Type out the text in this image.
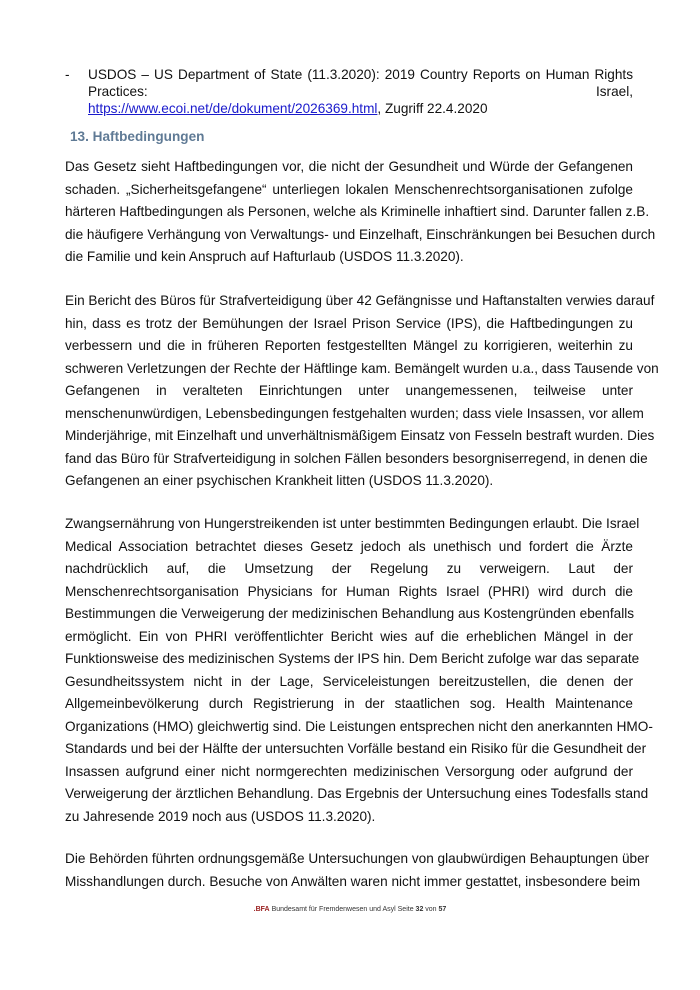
- USDOS – US Department of State (11.3.2020): 2019 Country Reports on Human Rights
Practices:	Israel,
https://www.ecoi.net/de/dokument/2026369.html, Zugriff 22.4.2020
13. Haftbedingungen
Das Gesetz sieht Haftbedingungen vor, die nicht der Gesundheit und Würde der Gefangenen
schaden. „Sicherheitsgefangene“ unterliegen lokalen Menschenrechtsorganisationen zufolge
härteren Haftbedingungen als Personen, welche als Kriminelle inhaftiert sind. Darunter fallen z.B.
die häufigere Verhängung von Verwaltungs- und Einzelhaft, Einschränkungen bei Besuchen durch
die Familie und kein Anspruch auf Hafturlaub (USDOS 11.3.2020).
Ein Bericht des Büros für Strafverteidigung über 42 Gefängnisse und Haftanstalten verwies darauf
hin, dass es trotz der Bemühungen der Israel Prison Service (IPS), die Haftbedingungen zu
verbessern und die in früheren Reporten festgestellten Mängel zu korrigieren, weiterhin zu
schweren Verletzungen der Rechte der Häftlinge kam. Bemängelt wurden u.a., dass Tausende von
Gefangenen in veralteten Einrichtungen unter unangemessenen, teilweise unter
menschenunwürdigen, Lebensbedingungen festgehalten wurden; dass viele Insassen, vor allem
Minderjährige, mit Einzelhaft und unverhältnismäßigem Einsatz von Fesseln bestraft wurden. Dies
fand das Büro für Strafverteidigung in solchen Fällen besonders besorgniserregend, in denen die
Gefangenen an einer psychischen Krankheit litten (USDOS 11.3.2020).
Zwangsernährung von Hungerstreikenden ist unter bestimmten Bedingungen erlaubt. Die Israel
Medical Association betrachtet dieses Gesetz jedoch als unethisch und fordert die Ärzte
nachdrücklich auf, die Umsetzung der Regelung zu verweigern. Laut der
Menschenrechtsorganisation Physicians for Human Rights Israel (PHRI) wird durch die
Bestimmungen die Verweigerung der medizinischen Behandlung aus Kostengründen ebenfalls
ermöglicht. Ein von PHRI veröffentlichter Bericht wies auf die erheblichen Mängel in der
Funktionsweise des medizinischen Systems der IPS hin. Dem Bericht zufolge war das separate
Gesundheitssystem nicht in der Lage, Serviceleistungen bereitzustellen, die denen der
Allgemeinbevölkerung durch Registrierung in der staatlichen sog. Health Maintenance
Organizations (HMO) gleichwertig sind. Die Leistungen entsprechen nicht den anerkannten HMO-
Standards und bei der Hälfte der untersuchten Vorfälle bestand ein Risiko für die Gesundheit der
Insassen aufgrund einer nicht normgerechten medizinischen Versorgung oder aufgrund der
Verweigerung der ärztlichen Behandlung. Das Ergebnis der Untersuchung eines Todesfalls stand
zu Jahresende 2019 noch aus (USDOS 11.3.2020).
Die Behörden führten ordnungsgemäße Untersuchungen von glaubwürdigen Behauptungen über
Misshandlungen durch. Besuche von Anwälten waren nicht immer gestattet, insbesondere beim
.BFA Bundesamt für Fremdenwesen und Asyl Seite 32 von 57
